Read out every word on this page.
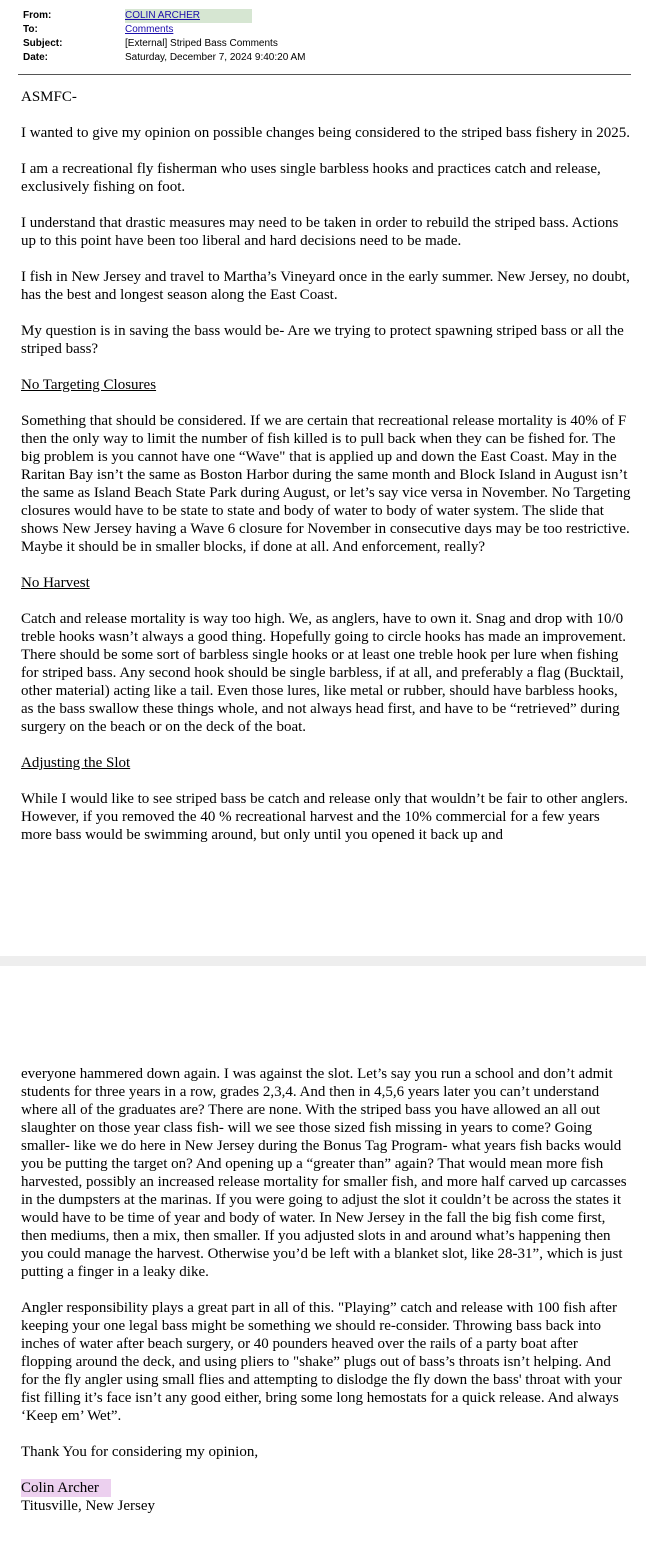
From:	COLIN ARCHER
To:	Comments
Subject:	[External] Striped Bass Comments
Date:	Saturday, December 7, 2024 9:40:20 AM

ASMFC-

I wanted to give my opinion on possible changes being considered to the striped bass fishery in 2025.

I am a recreational fly fisherman who uses single barbless hooks and practices catch and release, exclusively fishing on foot.

I understand that drastic measures may need to be taken in order to rebuild the striped bass. Actions up to this point have been too liberal and hard decisions need to be made.

I fish in New Jersey and travel to Martha’s Vineyard once in the early summer. New Jersey, no doubt, has the best and longest season along the East Coast.

My question is in saving the bass would be- Are we trying to protect spawning striped bass or all the striped bass?

No Targeting Closures

Something that should be considered. If we are certain that recreational release mortality is 40% of F then the only way to limit the number of fish killed is to pull back when they can be fished for. The big problem is you cannot have one “Wave" that is applied up and down the East Coast. May in the Raritan Bay isn’t the same as Boston Harbor during the same month and Block Island in August isn’t the same as Island Beach State Park during August, or let’s say vice versa in November. No Targeting closures would have to be state to state and body of water to body of water system. The slide that shows New Jersey having a Wave 6 closure for November in consecutive days may be too restrictive. Maybe it should be in smaller blocks, if done at all. And enforcement, really?

No Harvest

Catch and release mortality is way too high. We, as anglers, have to own it. Snag and drop with 10/0 treble hooks wasn’t always a good thing. Hopefully going to circle hooks has made an improvement. There should be some sort of barbless single hooks or at least one treble hook per lure when fishing for striped bass. Any second hook should be single barbless, if at all, and preferably a flag (Bucktail, other material) acting like a tail. Even those lures, like metal or rubber, should have barbless hooks, as the bass swallow these things whole, and not always head first, and have to be “retrieved” during surgery on the beach or on the deck of the boat.

Adjusting the Slot

While I would like to see striped bass be catch and release only that wouldn’t be fair to other anglers. However, if you removed the 40 % recreational harvest and the 10% commercial for a few years more bass would be swimming around, but only until you opened it back up and

everyone hammered down again. I was against the slot. Let’s say you run a school and don’t admit students for three years in a row, grades 2,3,4. And then in 4,5,6 years later you can’t understand where all of the graduates are? There are none. With the striped bass you have allowed an all out slaughter on those year class fish- will we see those sized fish missing in years to come? Going smaller- like we do here in New Jersey during the Bonus Tag Program- what years fish backs would you be putting the target on? And opening up a “greater than” again? That would mean more fish harvested, possibly an increased release mortality for smaller fish, and more half carved up carcasses in the dumpsters at the marinas. If you were going to adjust the slot it couldn’t be across the states it would have to be time of year and body of water. In New Jersey in the fall the big fish come first, then mediums, then a mix, then smaller. If you adjusted slots in and around what’s happening then you could manage the harvest. Otherwise you’d be left with a blanket slot, like 28-31”, which is just putting a finger in a leaky dike.

Angler responsibility plays a great part in all of this. "Playing” catch and release with 100 fish after keeping your one legal bass might be something we should re-consider. Throwing bass back into inches of water after beach surgery, or 40 pounders heaved over the rails of a party boat after flopping around the deck, and using pliers to "shake” plugs out of bass’s throats isn’t helping. And for the fly angler using small flies and attempting to dislodge the fly down the bass' throat with your fist filling it’s face isn’t any good either, bring some long hemostats for a quick release. And always ‘Keep em’ Wet”.

Thank You for considering my opinion,

Colin Archer

Titusville, New Jersey
